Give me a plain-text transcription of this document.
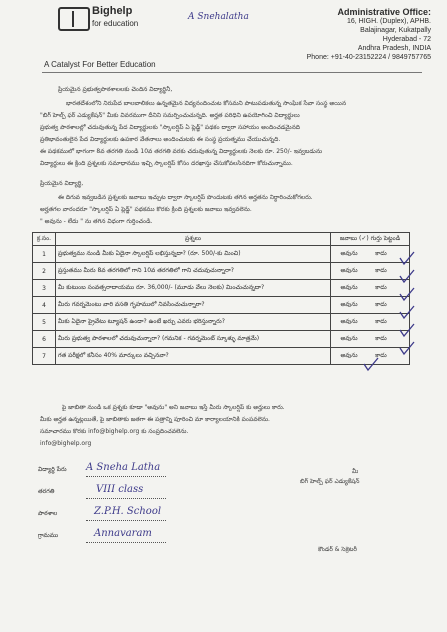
Bighelp
for education
A Snehalatha	Administrative Office:
16, HIGH. (Duplex), APHB.
Balajinagar, Kukatpally
Hyderabad - 72
Andhra Pradesh, INDIA
Phone: +91-40-23152224 / 9849757765
A Catalyst For Better Education
ప్రియమైన ప్రభుత్వపాఠశాలలకు చెందిన విద్యార్థినీ,
భారతదేశంలోని నిరుపేద బాలబాలికలు ఉన్నతమైన విద్యనందించుట కోసమని పాటుపడుతున్న సాంఘిక సేవా సంస్థ అయిన
"బిగ్ హెల్ప్ ఫర్ ఎడ్యుకేషన్" మీకు వివరముగా దీనిని సమర్పించుచున్నది. అర్హత పరిధిని ఉపయోగించి విద్యార్థులు
ప్రభుత్వ పాఠశాలల్లో చదువుతున్న పేద విద్యార్థులకు "స్కాలర్షిప్ ఏ ప్లెడ్జ్" పథకం ద్వారా సహాయం అందించడమైనది
ప్రతిభావంతులైన పేద విద్యార్థులకు ఉపకార వేతనాలు అందించుటకు ఈ సంస్థ ప్రయత్నము చేయుచున్నది.
ఈ పథకములో భాగంగా 8వ తరగతి నుండి 10వ తరగతి వరకు చదువుతున్న విద్యార్థులకు నెలకు రూ. 250/- ఇవ్వబడును
విద్యార్థులు ఈ క్రింది ప్రశ్నలకు సమాధానము ఇచ్చి స్కాలర్షిప్ కోసం దరఖాస్తు చేసుకోవలసినదిగా కోరుచున్నాము.
ప్రియమైన విద్యార్థి,
ఈ దిగువ ఇవ్వబడిన ప్రశ్నలకు జవాబు ఇచ్చుట ద్వారా స్కాలర్షిప్ పొందుటకు తగిన అర్హతను నిర్ధారించుకోగలరు.
అర్హతగల వారందరూ "స్కాలర్షిప్ ఏ ప్లెడ్జ్" పథకము కొరకు క్రింది ప్రశ్నలకు జవాబు ఇవ్వవలెను.
" అవును - లేదు " ను తగిన విధంగా గుర్తించండి.
క్ర.సం.	ప్రశ్నలు	జవాబు (✓) గుర్తు పెట్టండి
1	ప్రభుత్వము నుండి మీకు ఏదైనా స్కాలర్షిప్ లభిస్తున్నదా? (రూ. 500/-కు మించి)	అవును కాదు
2	ప్రస్తుతము మీరు 8వ తరగతిలో గాని 10వ తరగతిలో గాని చదువుచున్నారా?	అవును కాదు
3	మీ కుటుంబ సంవత్సరాదాయము రూ. 36,000/- (మూడు వేలు నెలకు) మించుచున్నదా?	అవును కాదు
4	మీరు గవర్నమెంటు వారి వసతి గృహములో నివసించుచున్నారా?	అవును కాదు
5	మీకు ఏదైనా ప్రైవేటు ట్యూషన్ ఉందా? ఉంటే ఖర్చు ఎవరు భరిస్తున్నారు?	అవును కాదు
6	మీరు ప్రభుత్వ పాఠశాలలో చదువుచున్నారా? (గమనిక - గవర్నమెంట్ స్కూళ్ళు మాత్రమే)	అవును కాదు
7	గత పరీక్షలో కనీసం 40% మార్కులు వచ్చినవా?	అవును కాదు
పై జాబితా నుండి ఒక ప్రశ్నకు కూడా "అవును" అని జవాబు ఇస్తే మీరు స్కాలర్షిప్ కు అర్హులు కారు.
మీకు అర్హత ఉన్నట్లయితే, పై జాబితాకు జతగా ఈ పత్రాన్ని పూరించి మా కార్యాలయానికి పంపవలెను.
సమాచారము కొరకు info@bighelp.org కు సంప్రదించవలెను.
info@bighelp.org
విద్యార్థి పేరు A Sneha Latha
తరగతి	VIII class
పాఠశాల	Z.P.H. School
గ్రామము	Annavaram
మీ
బిగ్ హెల్ప్ ఫర్ ఎడ్యుకేషన్
కౌండర్ & సెక్రెటరీ
